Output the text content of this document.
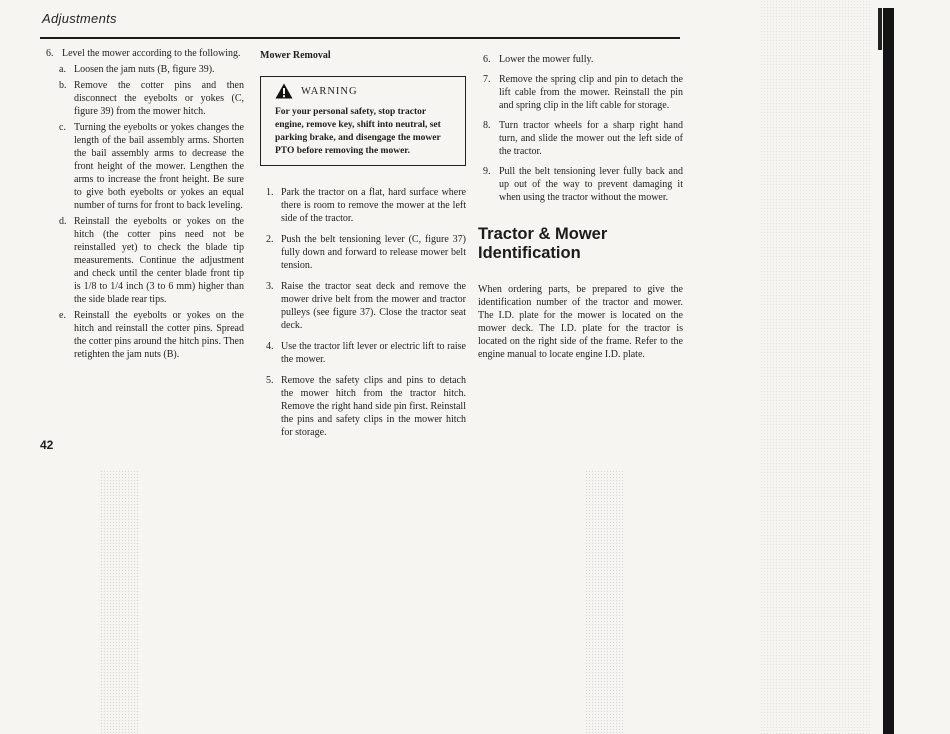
Adjustments
6. Level the mower according to the following.
a. Loosen the jam nuts (B, figure 39).
b. Remove the cotter pins and then disconnect the eyebolts or yokes (C, figure 39) from the mower hitch.
c. Turning the eyebolts or yokes changes the length of the bail assembly arms. Shorten the bail assembly arms to decrease the front height of the mower. Lengthen the arms to increase the front height. Be sure to give both eyebolts or yokes an equal number of turns for front to back leveling.
d. Reinstall the eyebolts or yokes on the hitch (the cotter pins need not be reinstalled yet) to check the blade tip measurements. Continue the adjustment and check until the center blade front tip is 1/8 to 1/4 inch (3 to 6 mm) higher than the side blade rear tips.
e. Reinstall the eyebolts or yokes on the hitch and reinstall the cotter pins. Spread the cotter pins around the hitch pins. Then retighten the jam nuts (B).
Mower Removal
WARNING
For your personal safety, stop tractor engine, remove key, shift into neutral, set parking brake, and disengage the mower PTO before removing the mower.
1. Park the tractor on a flat, hard surface where there is room to remove the mower at the left side of the tractor.
2. Push the belt tensioning lever (C, figure 37) fully down and forward to release mower belt tension.
3. Raise the tractor seat deck and remove the mower drive belt from the mower and tractor pulleys (see figure 37). Close the tractor seat deck.
4. Use the tractor lift lever or electric lift to raise the mower.
5. Remove the safety clips and pins to detach the mower hitch from the tractor hitch. Remove the right hand side pin first. Reinstall the pins and safety clips in the mower hitch for storage.
6. Lower the mower fully.
7. Remove the spring clip and pin to detach the lift cable from the mower. Reinstall the pin and spring clip in the lift cable for storage.
8. Turn tractor wheels for a sharp right hand turn, and slide the mower out the left side of the tractor.
9. Pull the belt tensioning lever fully back and up out of the way to prevent damaging it when using the tractor without the mower.
Tractor & Mower Identification
When ordering parts, be prepared to give the identification number of the tractor and mower. The I.D. plate for the mower is located on the mower deck. The I.D. plate for the tractor is located on the right side of the frame. Refer to the engine manual to locate engine I.D. plate.
42
